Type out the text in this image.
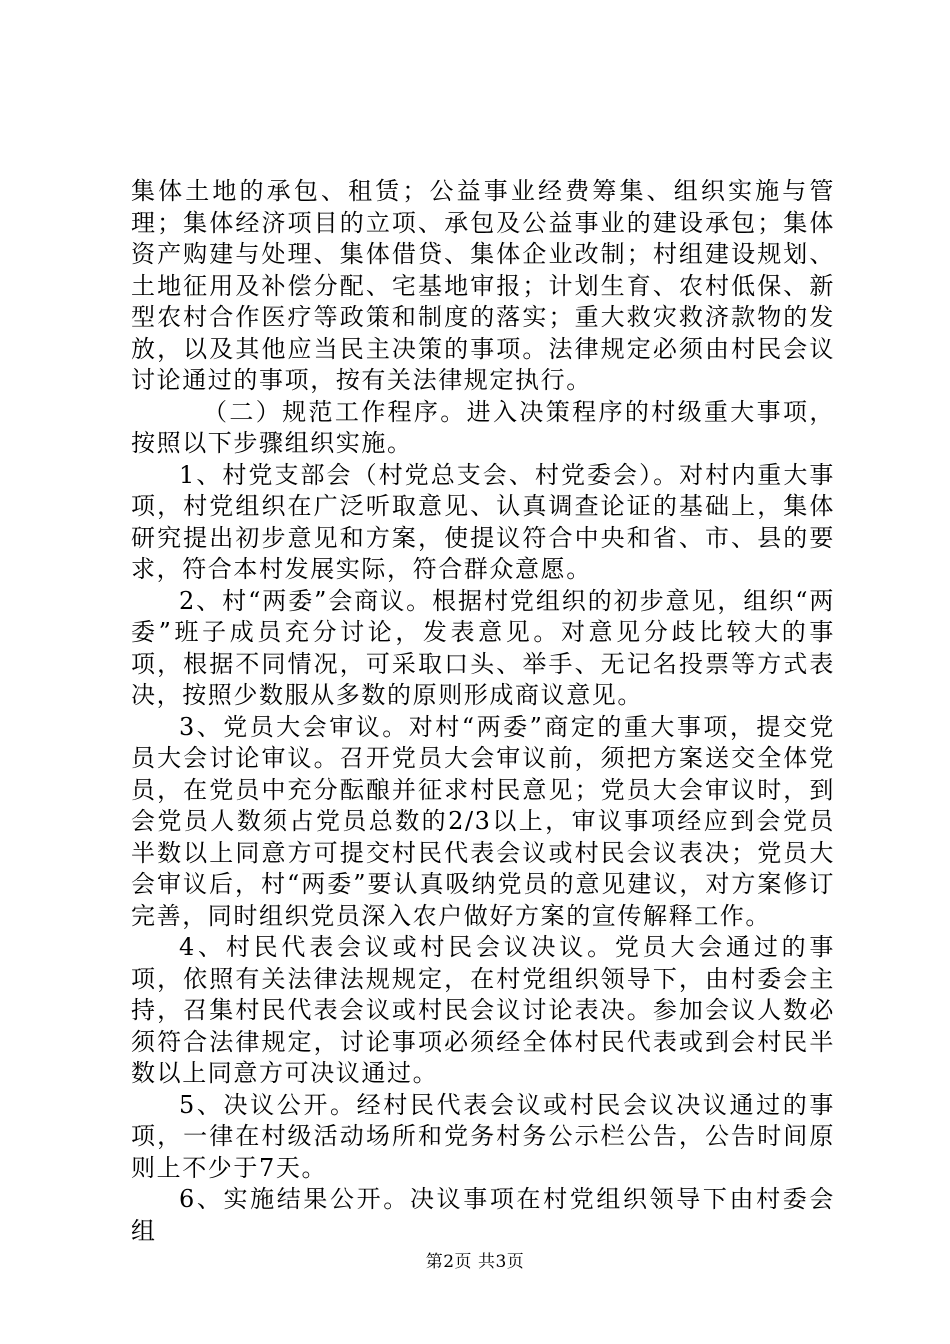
集体土地的承包、租赁；公益事业经费筹集、组织实施与管理；集体经济项目的立项、承包及公益事业的建设承包；集体资产购建与处理、集体借贷、集体企业改制；村组建设规划、土地征用及补偿分配、宅基地审报；计划生育、农村低保、新型农村合作医疗等政策和制度的落实；重大救灾救济款物的发放，以及其他应当民主决策的事项。法律规定必须由村民会议讨论通过的事项，按有关法律规定执行。

（二）规范工作程序。进入决策程序的村级重大事项，按照以下步骤组织实施。

1、村党支部会（村党总支会、村党委会）。对村内重大事项，村党组织在广泛听取意见、认真调查论证的基础上，集体研究提出初步意见和方案，使提议符合中央和省、市、县的要求，符合本村发展实际，符合群众意愿。

2、村“两委”会商议。根据村党组织的初步意见，组织“两委”班子成员充分讨论，发表意见。对意见分歧比较大的事项，根据不同情况，可采取口头、举手、无记名投票等方式表决，按照少数服从多数的原则形成商议意见。

3、党员大会审议。对村“两委”商定的重大事项，提交党员大会讨论审议。召开党员大会审议前，须把方案送交全体党员，在党员中充分酝酿并征求村民意见；党员大会审议时，到会党员人数须占党员总数的2/3以上，审议事项经应到会党员半数以上同意方可提交村民代表会议或村民会议表决；党员大会审议后，村“两委”要认真吸纳党员的意见建议，对方案修订完善，同时组织党员深入农户做好方案的宣传解释工作。

4、村民代表会议或村民会议决议。党员大会通过的事项，依照有关法律法规规定，在村党组织领导下，由村委会主持，召集村民代表会议或村民会议讨论表决。参加会议人数必须符合法律规定，讨论事项必须经全体村民代表或到会村民半数以上同意方可决议通过。

5、决议公开。经村民代表会议或村民会议决议通过的事项，一律在村级活动场所和党务村务公示栏公告，公告时间原则上不少于7天。

6、实施结果公开。决议事项在村党组织领导下由村委会组

第2页 共3页
